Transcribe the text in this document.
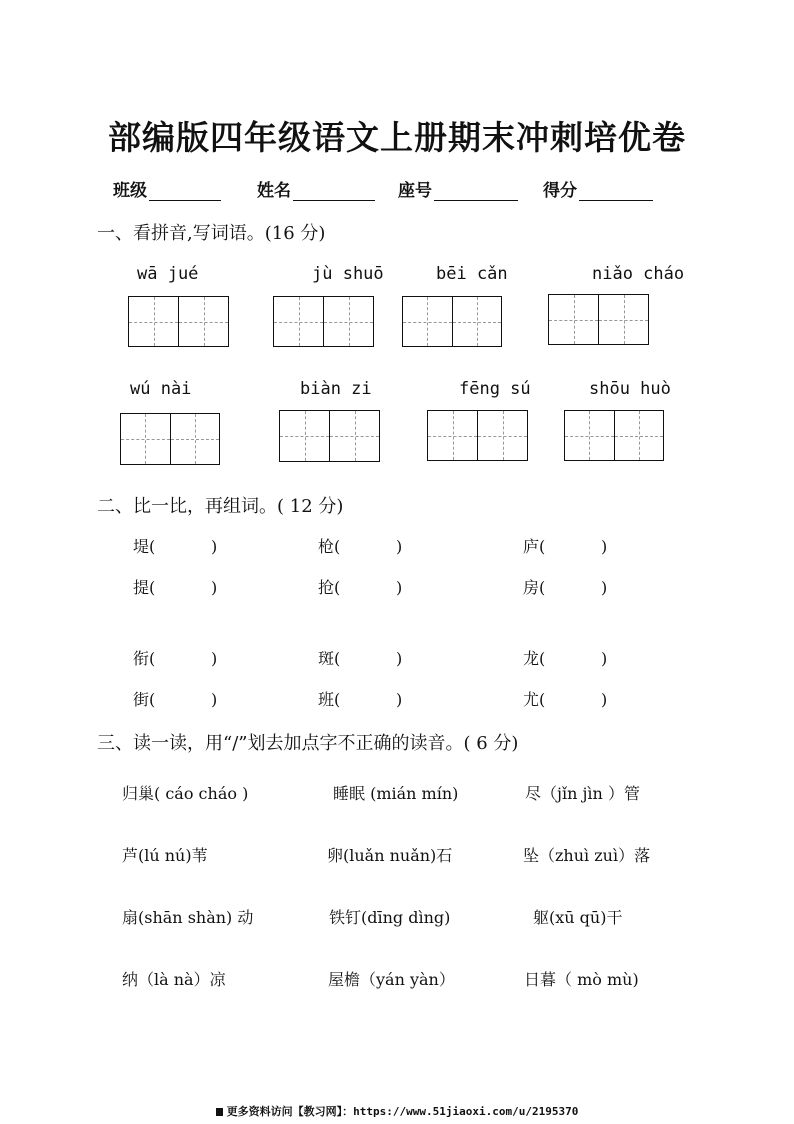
部编版四年级语文上册期末冲刺培优卷
班级	姓名	座号	得分
一、看拼音,写词语。(16 分)
wā jué	jù shuō	bēi cǎn	niǎo cháo
wú nài	biàn zi	fēng sú	shōu huò
二、比一比，再组词。( 12 分)
堤(	)	枪(	)	庐(	)
提(	)	抢(	)	房(	)
衔(	)	斑(	)	龙(	)
街(	)	班(	)	尤(	)
三、读一读，用“/”划去加点字不正确的读音。( 6 分)
归巢( cáo cháo )	睡眠 (mián mín)	尽（jǐn jìn ）管
芦(lú nú)苇	卵(luǎn nuǎn)石	坠（zhuì zuì）落
扇(shān shàn) 动	铁钉(dīng dìng)	躯(xū qū)干
纳（là nà）凉	屋檐（yán yàn）	日暮（ mò mù)
更多资料访问【教习网】：https://www.51jiaoxi.com/u/2195370
